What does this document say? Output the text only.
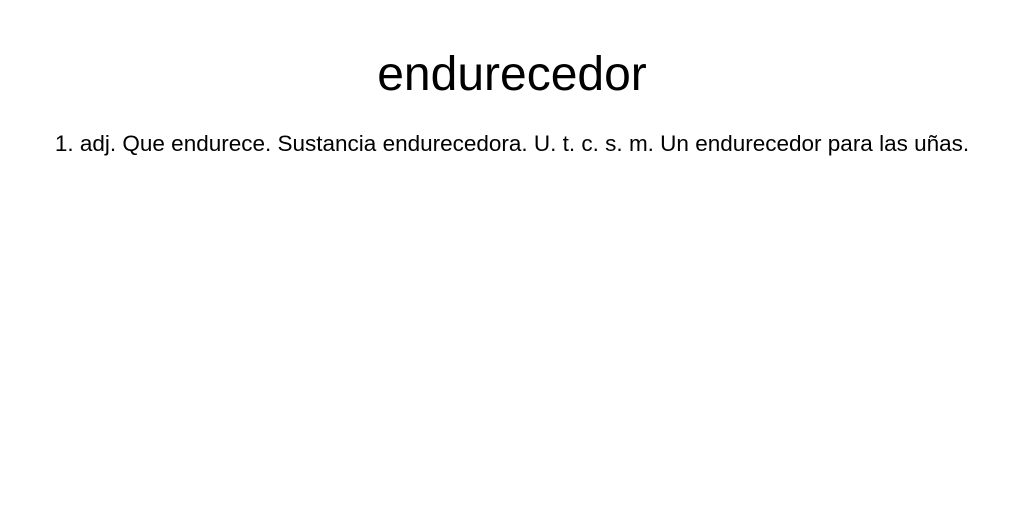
endurecedor

1. adj. Que endurece. Sustancia endurecedora. U. t. c. s. m. Un endurecedor para las uñas.
